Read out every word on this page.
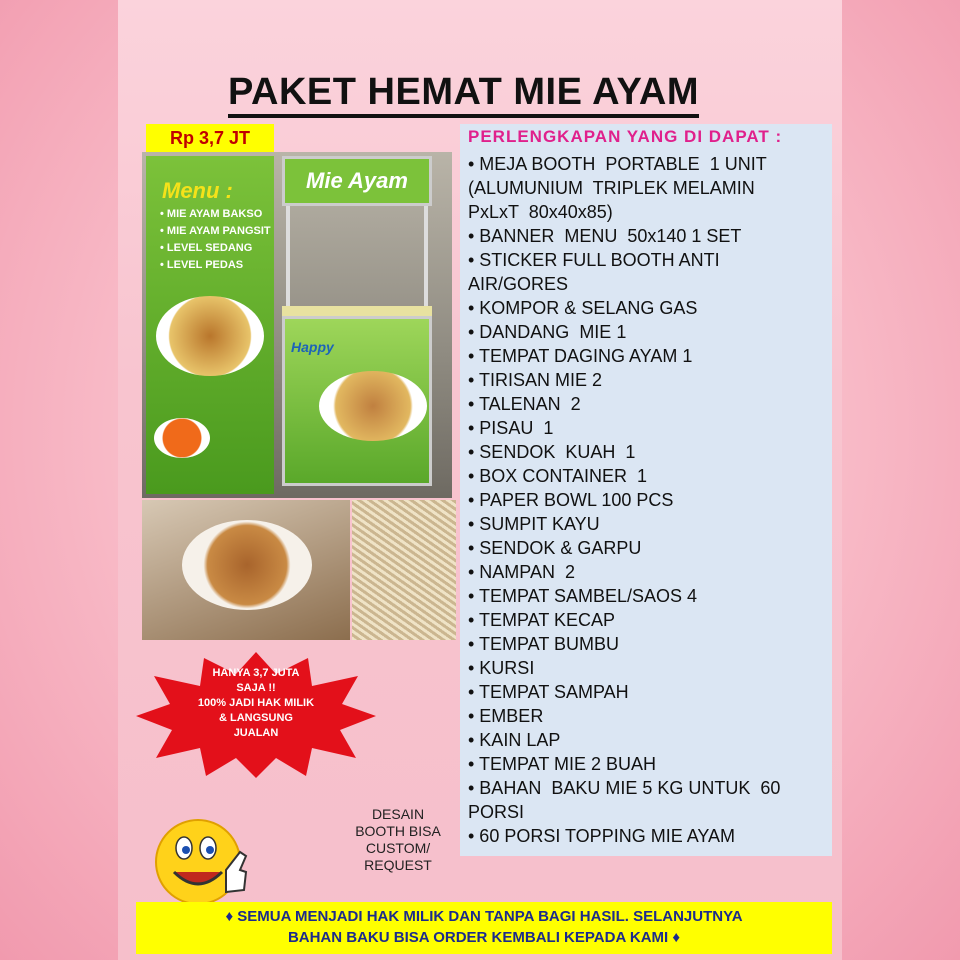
PAKET HEMAT MIE AYAM
Rp 3,7 JT
Menu :
• MIE AYAM BAKSO
• MIE AYAM PANGSIT
• LEVEL SEDANG
• LEVEL PEDAS
Mie Ayam
Happy
HANYA 3,7 JUTA
SAJA !!
100% JADI HAK MILIK
& LANGSUNG
JUALAN
DESAIN
BOOTH BISA
CUSTOM/
REQUEST
PERLENGKAPAN YANG DI DAPAT :
• MEJA BOOTH  PORTABLE  1 UNIT
(ALUMUNIUM  TRIPLEK MELAMIN
PxLxT  80x40x85)
• BANNER  MENU  50x140 1 SET
• STICKER FULL BOOTH ANTI
AIR/GORES
• KOMPOR & SELANG GAS
• DANDANG  MIE 1
• TEMPAT DAGING AYAM 1
• TIRISAN MIE 2
• TALENAN  2
• PISAU  1
• SENDOK  KUAH  1
• BOX CONTAINER  1
• PAPER BOWL 100 PCS
• SUMPIT KAYU
• SENDOK & GARPU
• NAMPAN  2
• TEMPAT SAMBEL/SAOS 4
• TEMPAT KECAP
• TEMPAT BUMBU
• KURSI
• TEMPAT SAMPAH
• EMBER
• KAIN LAP
• TEMPAT MIE 2 BUAH
• BAHAN  BAKU MIE 5 KG UNTUK  60
PORSI
• 60 PORSI TOPPING MIE AYAM
♦ SEMUA MENJADI HAK MILIK DAN TANPA BAGI HASIL. SELANJUTNYA
BAHAN BAKU BISA ORDER KEMBALI KEPADA KAMI ♦
